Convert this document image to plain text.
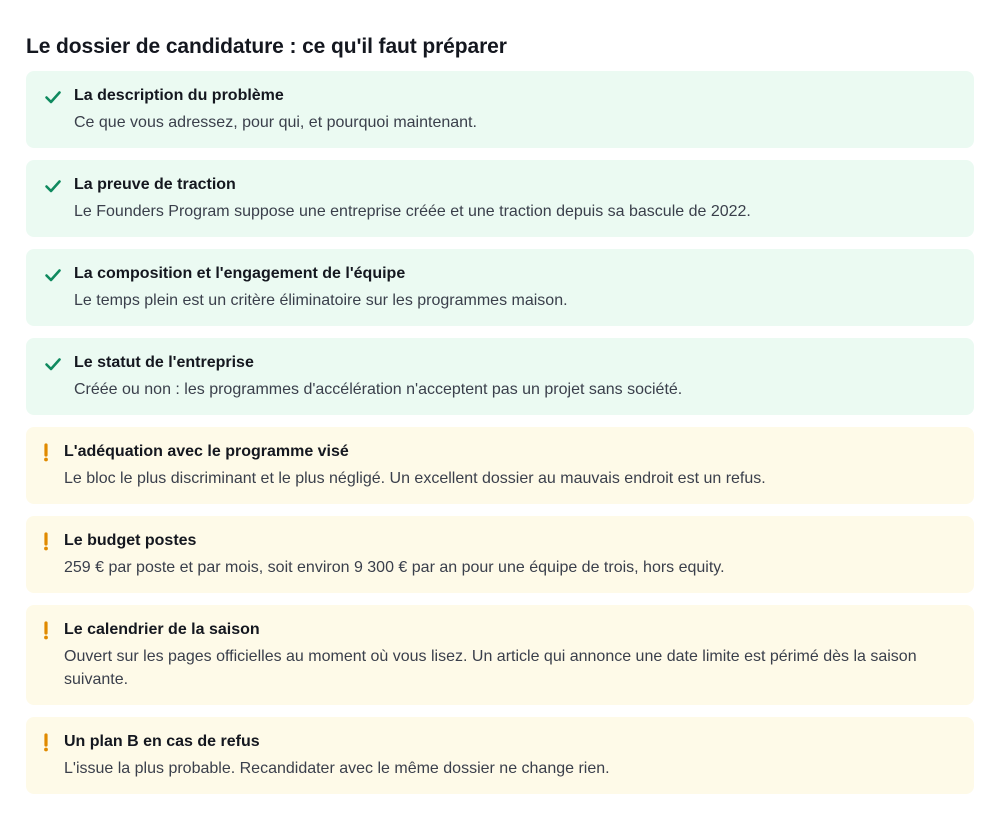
Le dossier de candidature : ce qu'il faut préparer
La description du problème
Ce que vous adressez, pour qui, et pourquoi maintenant.
La preuve de traction
Le Founders Program suppose une entreprise créée et une traction depuis sa bascule de 2022.
La composition et l'engagement de l'équipe
Le temps plein est un critère éliminatoire sur les programmes maison.
Le statut de l'entreprise
Créée ou non : les programmes d'accélération n'acceptent pas un projet sans société.
L'adéquation avec le programme visé
Le bloc le plus discriminant et le plus négligé. Un excellent dossier au mauvais endroit est un refus.
Le budget postes
259 € par poste et par mois, soit environ 9 300 € par an pour une équipe de trois, hors equity.
Le calendrier de la saison
Ouvert sur les pages officielles au moment où vous lisez. Un article qui annonce une date limite est périmé dès la saison suivante.
Un plan B en cas de refus
L'issue la plus probable. Recandidater avec le même dossier ne change rien.
